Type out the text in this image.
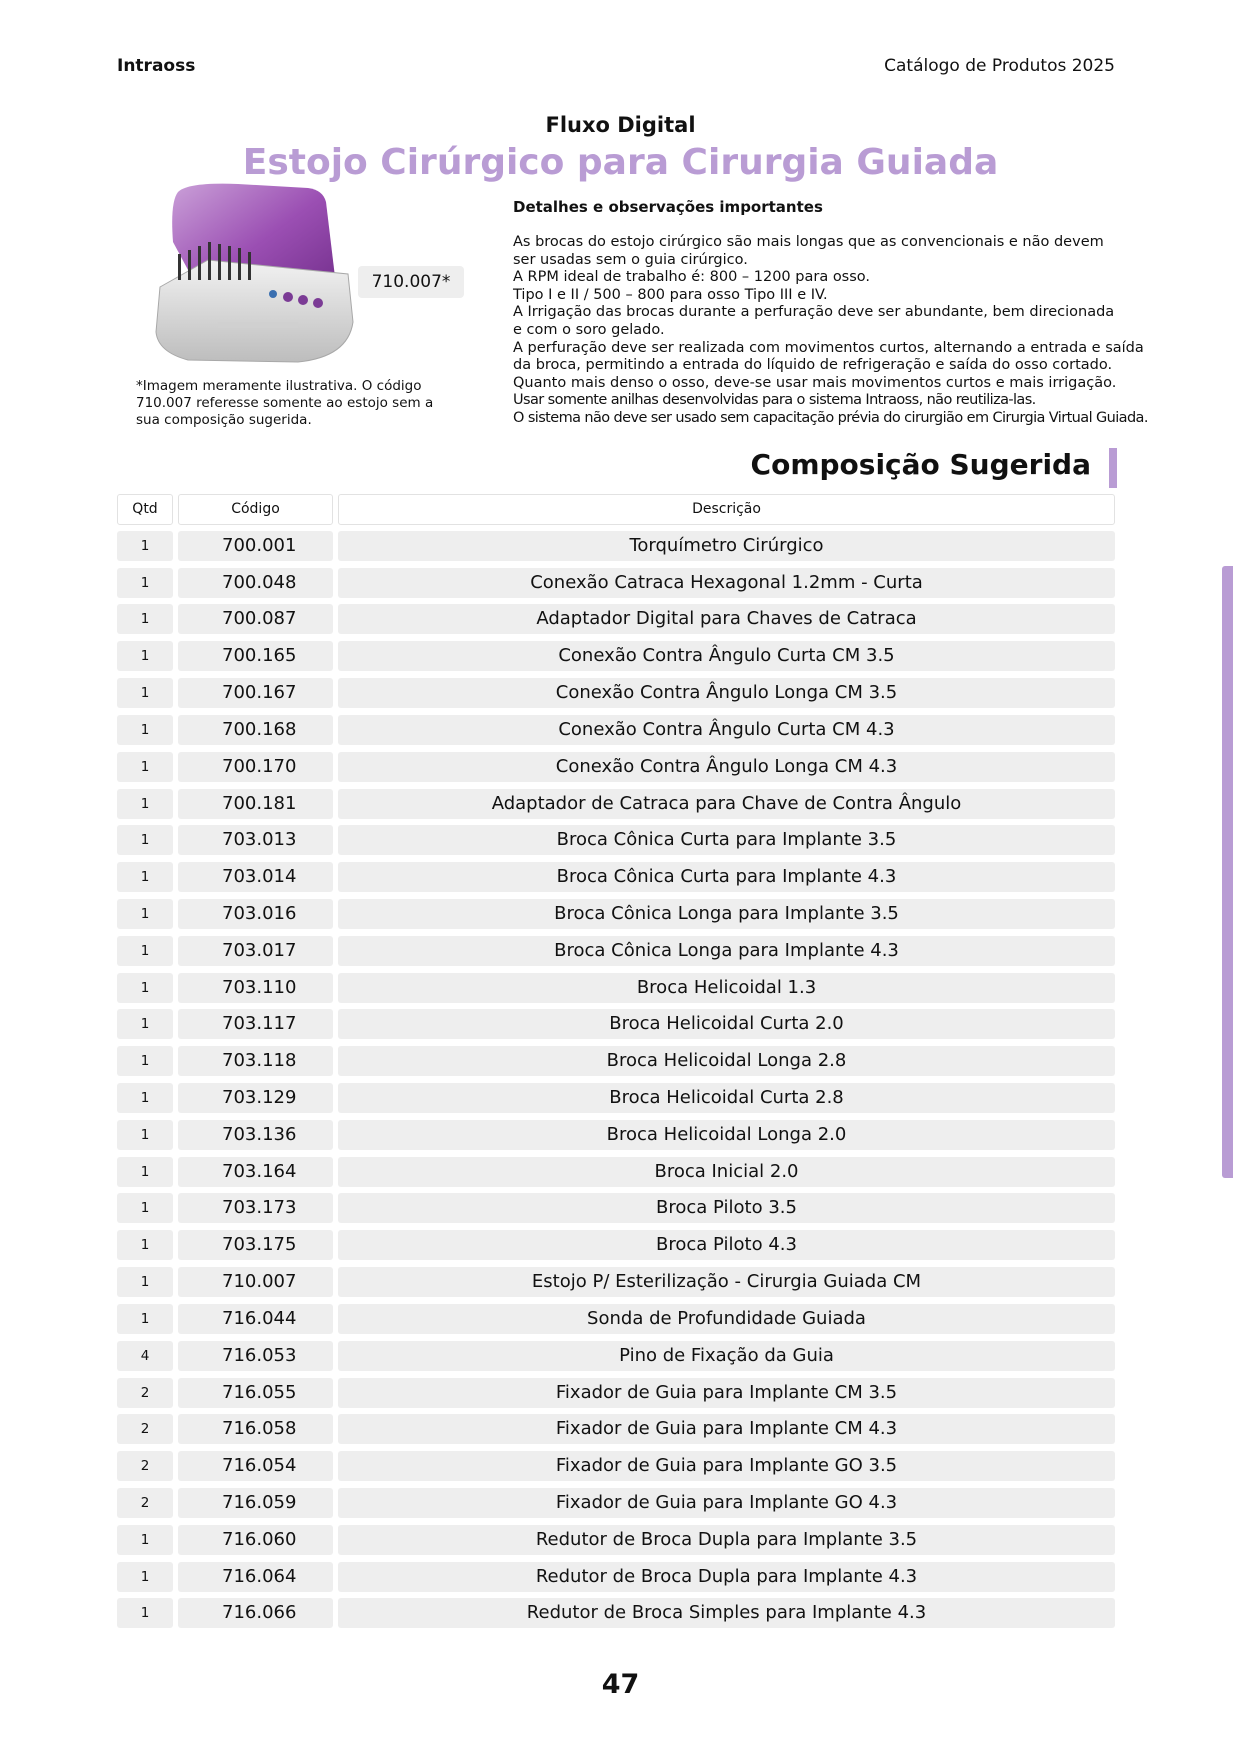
Intraoss	Catálogo de Produtos 2025
Fluxo Digital
Estojo Cirúrgico para Cirurgia Guiada
710.007*
*Imagem meramente ilustrativa. O código 710.007 referesse somente ao estojo sem a sua composição sugerida.
Detalhes e observações importantes
As brocas do estojo cirúrgico são mais longas que as convencionais e não devem
ser usadas sem o guia cirúrgico.
A RPM ideal de trabalho é: 800 – 1200 para osso.
Tipo I e II / 500 – 800 para osso Tipo III e IV.
A Irrigação das brocas durante a perfuração deve ser abundante, bem direcionada
e com o soro gelado.
A perfuração deve ser realizada com movimentos curtos, alternando a entrada e saída
da broca, permitindo a entrada do líquido de refrigeração e saída do osso cortado.
Quanto mais denso o osso, deve-se usar mais movimentos curtos e mais irrigação.
Usar somente anilhas desenvolvidas para o sistema Intraoss, não reutiliza-las.
O sistema não deve ser usado sem capacitação prévia do cirurgião em Cirurgia Virtual Guiada.
Composição Sugerida
Qtd	Código	Descrição
1	700.001	Torquímetro Cirúrgico
1	700.048	Conexão Catraca Hexagonal 1.2mm - Curta
1	700.087	Adaptador Digital para Chaves de Catraca
1	700.165	Conexão Contra Ângulo Curta CM 3.5
1	700.167	Conexão Contra Ângulo Longa CM 3.5
1	700.168	Conexão Contra Ângulo Curta CM 4.3
1	700.170	Conexão Contra Ângulo Longa CM 4.3
1	700.181	Adaptador de Catraca para Chave de Contra Ângulo
1	703.013	Broca Cônica Curta para Implante 3.5
1	703.014	Broca Cônica Curta para Implante 4.3
1	703.016	Broca Cônica Longa para Implante 3.5
1	703.017	Broca Cônica Longa para Implante 4.3
1	703.110	Broca Helicoidal 1.3
1	703.117	Broca Helicoidal Curta 2.0
1	703.118	Broca Helicoidal Longa 2.8
1	703.129	Broca Helicoidal Curta 2.8
1	703.136	Broca Helicoidal Longa 2.0
1	703.164	Broca Inicial 2.0
1	703.173	Broca Piloto 3.5
1	703.175	Broca Piloto 4.3
1	710.007	Estojo P/ Esterilização - Cirurgia Guiada CM
1	716.044	Sonda de Profundidade Guiada
4	716.053	Pino de Fixação da Guia
2	716.055	Fixador de Guia para Implante CM 3.5
2	716.058	Fixador de Guia para Implante CM 4.3
2	716.054	Fixador de Guia para Implante GO 3.5
2	716.059	Fixador de Guia para Implante GO 4.3
1	716.060	Redutor de Broca Dupla para Implante 3.5
1	716.064	Redutor de Broca Dupla para Implante 4.3
1	716.066	Redutor de Broca Simples para Implante 4.3
47
